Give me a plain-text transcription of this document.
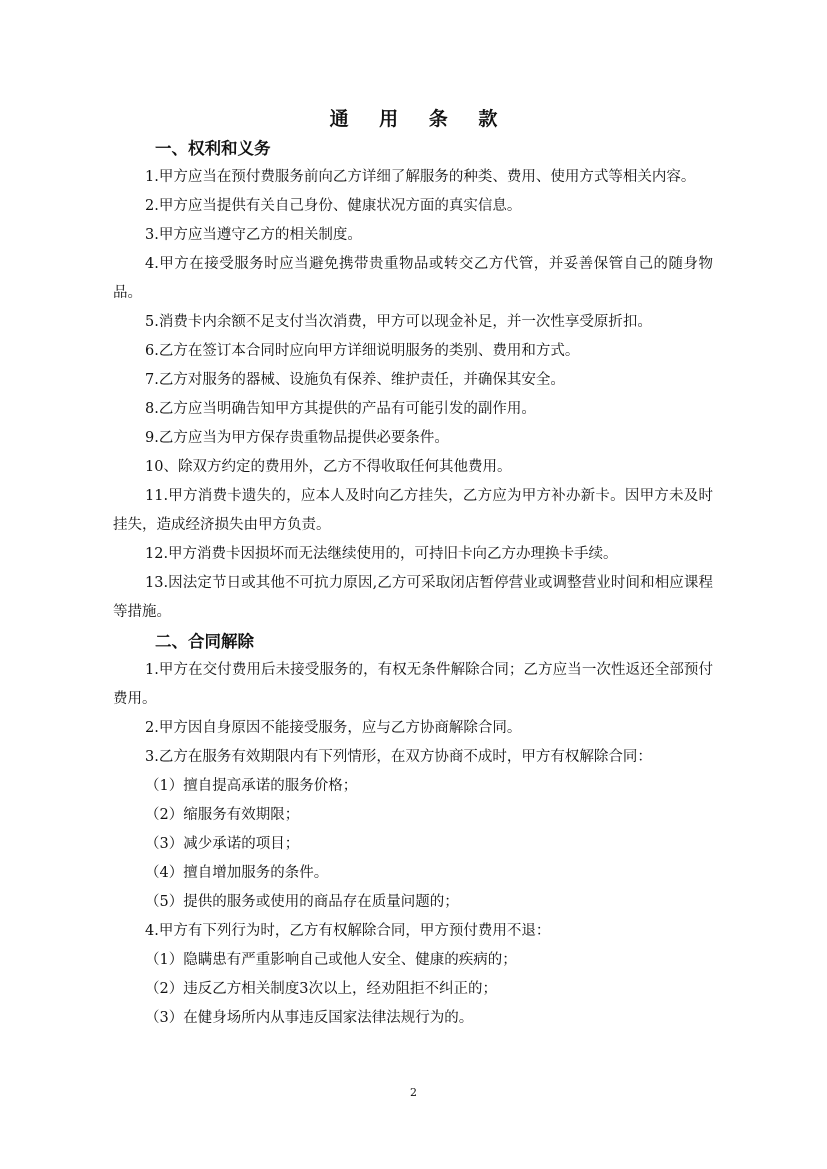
通 用 条 款
一、权利和义务

1.甲方应当在预付费服务前向乙方详细了解服务的种类、费用、使用方式等相关内容。

2.甲方应当提供有关自己身份、健康状况方面的真实信息。

3.甲方应当遵守乙方的相关制度。

4.甲方在接受服务时应当避免携带贵重物品或转交乙方代管，并妥善保管自己的随身物品。

5.消费卡内余额不足支付当次消费，甲方可以现金补足，并一次性享受原折扣。

6.乙方在签订本合同时应向甲方详细说明服务的类别、费用和方式。

7.乙方对服务的器械、设施负有保养、维护责任，并确保其安全。

8.乙方应当明确告知甲方其提供的产品有可能引发的副作用。

9.乙方应当为甲方保存贵重物品提供必要条件。

10、除双方约定的费用外，乙方不得收取任何其他费用。

11.甲方消费卡遗失的，应本人及时向乙方挂失，乙方应为甲方补办新卡。因甲方未及时挂失，造成经济损失由甲方负责。

12.甲方消费卡因损坏而无法继续使用的，可持旧卡向乙方办理换卡手续。

13.因法定节日或其他不可抗力原因,乙方可采取闭店暂停营业或调整营业时间和相应课程等措施。

二、合同解除

1.甲方在交付费用后未接受服务的，有权无条件解除合同；乙方应当一次性返还全部预付费用。

2.甲方因自身原因不能接受服务，应与乙方协商解除合同。

3.乙方在服务有效期限内有下列情形，在双方协商不成时，甲方有权解除合同：

（1）擅自提高承诺的服务价格；
（2）缩服务有效期限；
（3）减少承诺的项目；
（4）擅自增加服务的条件。
（5）提供的服务或使用的商品存在质量问题的；

4.甲方有下列行为时，乙方有权解除合同，甲方预付费用不退：

（1）隐瞒患有严重影响自己或他人安全、健康的疾病的；
（2）违反乙方相关制度3次以上，经劝阻拒不纠正的；
（3）在健身场所内从事违反国家法律法规行为的。
2
